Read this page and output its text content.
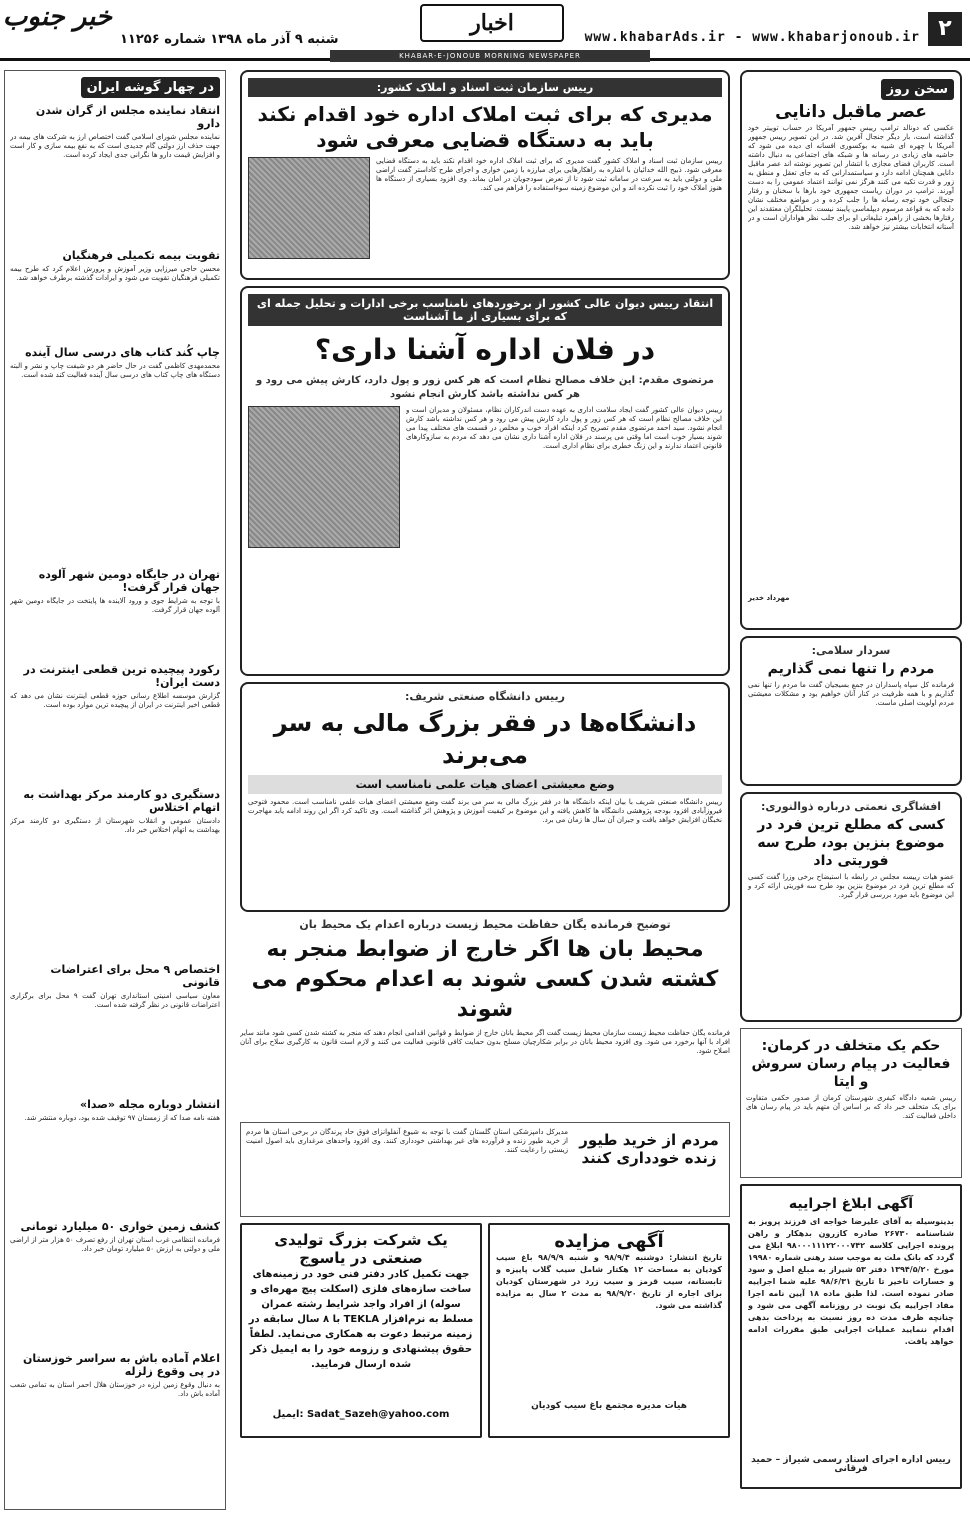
۲
www.khabarAds.ir - www.khabarjonoub.ir
اخبار
شنبه ۹ آذر ماه ۱۳۹۸ شماره ۱۱۲۵۶
خبر جنوب
KHABAR-E-JONOUB MORNING NEWSPAPER
سخن روز
عصر ماقبل دانایی
عکسی که دونالد ترامپ رییس جمهور آمریکا در حساب توییتر خود گذاشته است، بار دیگر جنجال آفرین شد. در این تصویر رییس جمهور آمریکا با چهره ای شبیه به بوکسوری افسانه ای دیده می شود که حاشیه های زیادی در رسانه ها و شبکه های اجتماعی به دنبال داشته است. کاربران فضای مجازی با انتشار این تصویر نوشته اند عصر ماقبل دانایی همچنان ادامه دارد و سیاستمدارانی که به جای تعقل و منطق به زور و قدرت تکیه می کنند هرگز نمی توانند اعتماد عمومی را به دست آورند. ترامپ در دوران ریاست جمهوری خود بارها با سخنان و رفتار جنجالی خود توجه رسانه ها را جلب کرده و در مواضع مختلف نشان داده که به قواعد مرسوم دیپلماسی پایبند نیست. تحلیلگران معتقدند این رفتارها بخشی از راهبرد تبلیغاتی او برای جلب نظر هواداران است و در آستانه انتخابات بیشتر نیز خواهد شد.
مهرداد خدیر
سردار سلامی:
مردم را تنها نمی گذاریم
فرمانده کل سپاه پاسداران در جمع بسیجیان گفت ما مردم را تنها نمی گذاریم و با همه ظرفیت در کنار آنان خواهیم بود و مشکلات معیشتی مردم اولویت اصلی ماست.
افشاگری نعمتی درباره ذوالنوری:
کسی که مطلع ترین فرد در موضوع بنزین بود، طرح سه فوریتی داد
عضو هیات رییسه مجلس در رابطه با استیضاح برخی وزرا گفت کسی که مطلع ترین فرد در موضوع بنزین بود طرح سه فوریتی ارائه کرد و این موضوع باید مورد بررسی قرار گیرد.
حکم یک متخلف در کرمان: فعالیت در پیام رسان سروش و ایتا
رییس شعبه دادگاه کیفری شهرستان کرمان از صدور حکمی متفاوت برای یک متخلف خبر داد که بر اساس آن متهم باید در پیام رسان های داخلی فعالیت کند.
آگهی ابلاغ اجراییه
بدینوسیله به آقای علیرضا خواجه ای فرزند پرویز به شناسنامه ۲۶۷۳۰ صادره کازرون بدهکار و راهن پرونده اجرایی کلاسه ۹۸۰۰۰۱۱۱۲۲۰۰۰۷۴۲ ابلاغ می گردد که بانک ملت به موجب سند رهنی شماره ۱۹۹۸۰ مورخ ۱۳۹۴/۵/۲۰ دفتر ۵۳ شیراز به مبلغ اصل و سود و خسارات تاخیر تا تاریخ ۹۸/۶/۳۱ علیه شما اجراییه صادر نموده است. لذا طبق ماده ۱۸ آیین نامه اجرا مفاد اجراییه یک نوبت در روزنامه آگهی می شود و چنانچه ظرف مدت ده روز نسبت به پرداخت بدهی اقدام ننمایید عملیات اجرایی طبق مقررات ادامه خواهد یافت.
رییس اداره اجرای اسناد رسمی شیراز – حمید فرقانی
رییس سازمان ثبت اسناد و املاک کشور:
مدیری که برای ثبت املاک اداره خود اقدام نکند باید به دستگاه قضایی معرفی شود
رییس سازمان ثبت اسناد و املاک کشور گفت مدیری که برای ثبت املاک اداره خود اقدام نکند باید به دستگاه قضایی معرفی شود. ذبیح الله خدائیان با اشاره به راهکارهایی برای مبارزه با زمین خواری و اجرای طرح کاداستر گفت اراضی ملی و دولتی باید به سرعت در سامانه ثبت شود تا از تعرض سودجویان در امان بماند. وی افزود بسیاری از دستگاه ها هنوز املاک خود را ثبت نکرده اند و این موضوع زمینه سوءاستفاده را فراهم می کند.
انتقاد رییس دیوان عالی کشور از برخوردهای نامناسب برخی ادارات و تحلیل جمله ای که برای بسیاری از ما آشناست
در فلان اداره آشنا داری؟
مرتضوی مقدم: این خلاف مصالح نظام است که هر کس زور و پول دارد، کارش پیش می رود و هر کس نداشته باشد کارش انجام نشود
رییس دیوان عالی کشور گفت ایجاد سلامت اداری به عهده دست اندرکاران نظام، مسئولان و مدیران است و این خلاف مصالح نظام است که هر کس زور و پول دارد کارش پیش می رود و هر کس نداشته باشد کارش انجام نشود. سید احمد مرتضوی مقدم تصریح کرد اینکه افراد خوب و مخلص در قسمت های مختلف پیدا می شوند بسیار خوب است اما وقتی می پرسند در فلان اداره آشنا داری نشان می دهد که مردم به سازوکارهای قانونی اعتماد ندارند و این زنگ خطری برای نظام اداری است.
رییس دانشگاه صنعتی شریف:
دانشگاه‌ها در فقر بزرگ مالی به سر می‌برند
وضع معیشتی اعضای هیات علمی نامناسب است
رییس دانشگاه صنعتی شریف با بیان اینکه دانشگاه ها در فقر بزرگ مالی به سر می برند گفت وضع معیشتی اعضای هیات علمی نامناسب است. محمود فتوحی فیروزآبادی افزود بودجه پژوهشی دانشگاه ها کاهش یافته و این موضوع بر کیفیت آموزش و پژوهش اثر گذاشته است. وی تاکید کرد اگر این روند ادامه یابد مهاجرت نخبگان افزایش خواهد یافت و جبران آن سال ها زمان می برد.
توضیح فرمانده یگان حفاظت محیط زیست درباره اعدام یک محیط بان
محیط بان ها اگر خارج از ضوابط منجر به کشته شدن کسی شوند به اعدام محکوم می شوند
فرمانده یگان حفاظت محیط زیست سازمان محیط زیست گفت اگر محیط بانان خارج از ضوابط و قوانین اقدامی انجام دهند که منجر به کشته شدن کسی شود مانند سایر افراد با آنها برخورد می شود. وی افزود محیط بانان در برابر شکارچیان مسلح بدون حمایت کافی قانونی فعالیت می کنند و لازم است قانون به کارگیری سلاح برای آنان اصلاح شود.
مردم از خرید طیور زنده خودداری کنند
مدیرکل دامپزشکی استان گلستان گفت با توجه به شیوع آنفلوانزای فوق حاد پرندگان در برخی استان ها مردم از خرید طیور زنده و فرآورده های غیر بهداشتی خودداری کنند. وی افزود واحدهای مرغداری باید اصول امنیت زیستی را رعایت کنند.
آگهی مزایده
تاریخ انتشار: دوشنبه ۹۸/۹/۴ و شنبه ۹۸/۹/۹ باغ سیب کودیان به مساحت ۱۲ هکتار شامل سیب گلاب پاییزه و تابستانه، سیب قرمز و سیب زرد در شهرستان کودیان برای اجاره از تاریخ ۹۸/۹/۲۰ به مدت ۲ سال به مزایده گذاشته می شود.
هیات مدیره مجتمع باغ سیب کودیان
یک شرکت بزرگ تولیدی صنعتی در یاسوج
جهت تکمیل کادر دفتر فنی خود در زمینه‌های ساخت سازه‌های فلزی (اسکلت پیچ مهره‌ای و سوله) از افراد واجد شرایط رشته عمران مسلط به نرم‌افزار TEKLA با ۸ سال سابقه در زمینه مرتبط دعوت به همکاری می‌نماید. لطفاً حقوق پیشنهادی و رزومه خود را به ایمیل ذکر شده ارسال فرمایید.
ایمیل: Sadat_Sazeh@yahoo.com
در چهار گوشه ایران
انتقاد نماینده مجلس از گران شدن دارو
نماینده مجلس شورای اسلامی گفت اختصاص ارز به شرکت های بیمه در جهت حذف ارز دولتی گام جدیدی است که به نفع بیمه سازی و کار است و افزایش قیمت دارو ها نگرانی جدی ایجاد کرده است.
تقویت بیمه تکمیلی فرهنگیان
محسن حاجی میرزایی وزیر آموزش و پرورش اعلام کرد که طرح بیمه تکمیلی فرهنگیان تقویت می شود و ایرادات گذشته برطرف خواهد شد.
چاپ کُند کتاب های درسی سال آینده
محمدمهدی کاظمی گفت در حال حاضر هر دو شیفت چاپ و نشر و البته دستگاه های چاپ کتاب های درسی سال آینده فعالیت کند شده است.
تهران در جایگاه دومین شهر آلوده جهان قرار گرفت!
با توجه به شرایط جوی و ورود آلاینده ها پایتخت در جایگاه دومین شهر آلوده جهان قرار گرفت.
رکورد پیچیده ترین قطعی اینترنت در دست ایران!
گزارش موسسه اطلاع رسانی حوزه قطعی اینترنت نشان می دهد که قطعی اخیر اینترنت در ایران از پیچیده ترین موارد بوده است.
دستگیری دو کارمند مرکز بهداشت به اتهام اختلاس
دادستان عمومی و انقلاب شهرستان از دستگیری دو کارمند مرکز بهداشت به اتهام اختلاس خبر داد.
اختصاص ۹ محل برای اعتراضات قانونی
معاون سیاسی امنیتی استانداری تهران گفت ۹ محل برای برگزاری اعتراضات قانونی در نظر گرفته شده است.
انتشار دوباره مجله «صدا»
هفته نامه صدا که از زمستان ۹۷ توقیف شده بود، دوباره منتشر شد.
کشف زمین خواری ۵۰ میلیارد تومانی
فرمانده انتظامی غرب استان تهران از رفع تصرف ۵۰ هزار متر از اراضی ملی و دولتی به ارزش ۵۰ میلیارد تومان خبر داد.
اعلام آماده باش به سراسر خوزستان در پی وقوع زلزله
به دنبال وقوع زمین لرزه در خوزستان هلال احمر استان به تمامی شعب آماده باش داد.
